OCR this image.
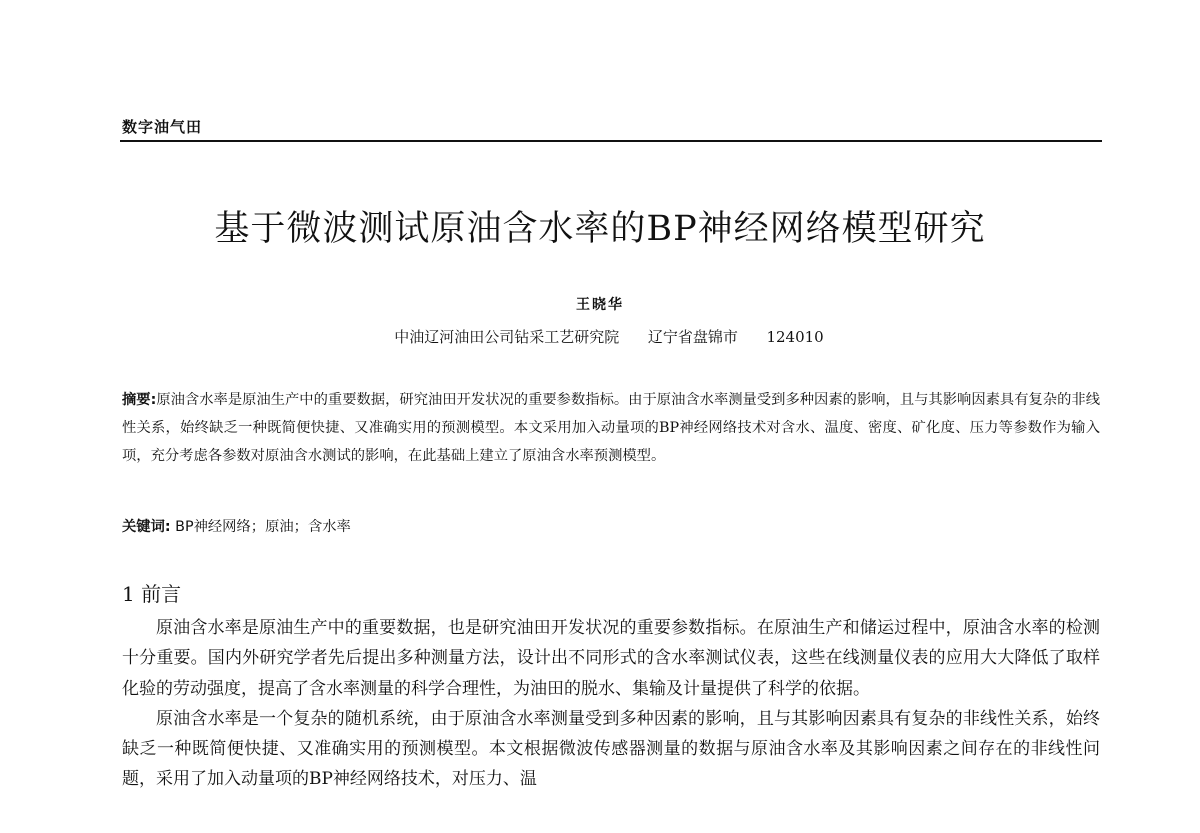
数字油气田
基于微波测试原油含水率的BP神经网络模型研究
王晓华
中油辽河油田公司钻采工艺研究院      辽宁省盘锦市      124010
摘要:原油含水率是原油生产中的重要数据，研究油田开发状况的重要参数指标。由于原油含水率测量受到多种因素的影响，且与其影响因素具有复杂的非线性关系，始终缺乏一种既简便快捷、又准确实用的预测模型。本文采用加入动量项的BP神经网络技术对含水、温度、密度、矿化度、压力等参数作为输入项，充分考虑各参数对原油含水测试的影响，在此基础上建立了原油含水率预测模型。
关键词: BP神经网络；原油；含水率
1 前言

原油含水率是原油生产中的重要数据，也是研究油田开发状况的重要参数指标。在原油生产和储运过程中，原油含水率的检测十分重要。国内外研究学者先后提出多种测量方法，设计出不同形式的含水率测试仪表，这些在线测量仪表的应用大大降低了取样化验的劳动强度，提高了含水率测量的科学合理性，为油田的脱水、集输及计量提供了科学的依据。

原油含水率是一个复杂的随机系统，由于原油含水率测量受到多种因素的影响，且与其影响因素具有复杂的非线性关系，始终缺乏一种既简便快捷、又准确实用的预测模型。本文根据微波传感器测量的数据与原油含水率及其影响因素之间存在的非线性问题，采用了加入动量项的BP神经网络技术，对压力、温
